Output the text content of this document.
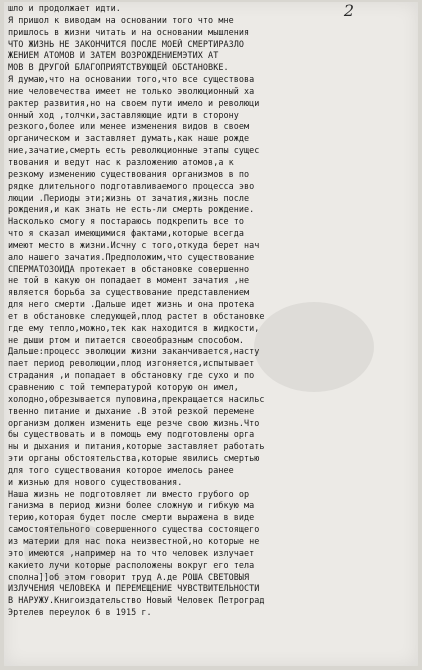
2
шло и продолжает идти.
Я пришол к виводам на основании того что мне
пришлось в жизни читать и на основании мышления
ЧТО ЖИЗНЬ НЕ ЗАКОНЧИТСЯ ПОСЛЕ МОЕЙ СМЕРТИРАЗЛО
ЖЕНИЕМ АТОМОВ И ЗАТЕМ ВОЗРОЖДЕНИЕМЭТИХ АТ
МОВ В ДРУГОЙ БЛАГОПРИЯТСТВУЮЩЕЙ ОБСТАНОВКЕ.
Я думаю,что на основании того,что все существова
ние человечества имеет не только эволюционный ха
рактер развития,но на своем пути имело и революци
онный ход ,толчки,заставляющие идти в сторону
резкого,более или менее изменения видов в своем
органическом и заставляет думать,как наше рожде
ние,зачатие,смерть есть революционные этапы сущес
твования и ведут нас к разложению атомов,а к
резкому изменению существования организмов в по
рядке длительного подготавливаемого процесса эво
люции .Периоды эти;жизнь от зачатия,жизнь после
рождения,и как знать не есть-ли смерть рождение.
Насколько смогу я постараюсь подкрепить все то
что я сказал имеющимися фактами,которые всегда
имеют место в жизни.Исчну с того,откуда берет нач
ало нашего зачатия.Предположим,что существование
СПЕРМАТОЗОИДА протекает в обстановке совершенно
не той в какую он попадает в момент зачатия ,не
является борьба за существование представлением
для него смерти .Дальше идет жизнь и она протека
ет в обстановке следующей,плод растет в обстановке
где ему тепло,можно,тек как находится в жидкости,
не дыши ртом и питается своеобразным способом.
Дальше:процесс эволюции жизни заканчивается,насту
пает период революции,плод изгоняется,испытывает
страдания ,и попадает в обстановку где сухо и по
сравнению с той температурой которую он имел,
холодно,обрезывается пуповина,прекращается насильс
твенно питание и дыхание .В этой резкой перемене
организм должен изменить еще резче свою жизнь.Что
бы существовать и в помощь ему подготовлены орга
ны и дыхания и питания,которые заставляет работать
эти органы обстоятельства,которые явились смертью
для того существования которое имелось ранее
и жизнью для нового существования.
Наша жизнь не подготовляет ли вместо грубого ор
ганизма в период жизни более сложную и гибкую ма
терию,которая будет после смерти выражена в виде
самостоятельного совершенного существа состоящего
из материи для нас пока неизвестной,но которые не
это имеются ,например на то что человек излучает
какието лучи которые расположены вокруг его тела
сполна]]об этом говорит труд А.де РОША СВЕТОВЫЯ
ИЗЛУЧЕНИЯ ЧЕЛОВЕКА И ПЕРЕМЕЩЕНИЕ ЧУВСТВИТЕЛЬНОСТИ
В НАРУЖУ.Книгоиздательство Новый Человек Петроград
Эртелев переулок 6 в 1915 г.
